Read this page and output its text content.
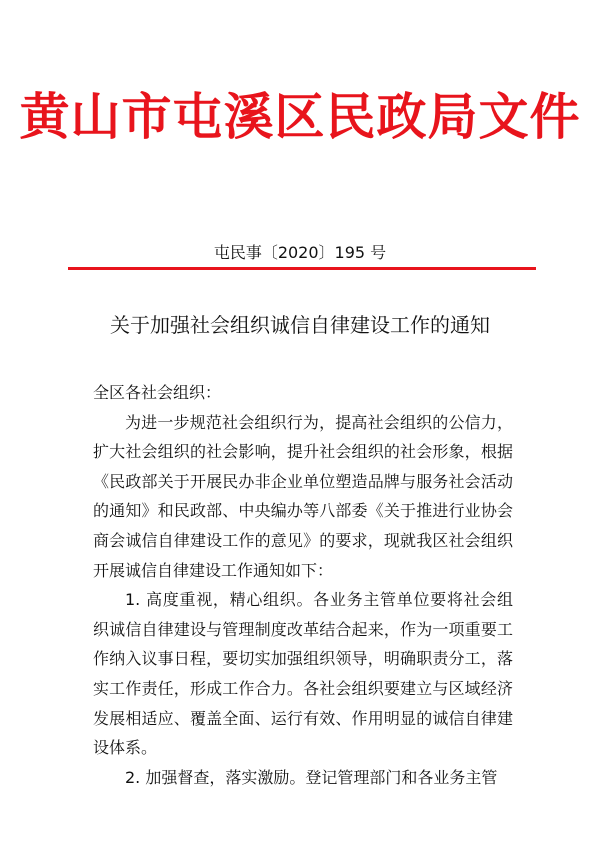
黄山市屯溪区民政局文件
屯民事〔2020〕195 号
关于加强社会组织诚信自律建设工作的通知

全区各社会组织：

为进一步规范社会组织行为，提高社会组织的公信力，扩大社会组织的社会影响，提升社会组织的社会形象，根据《民政部关于开展民办非企业单位塑造品牌与服务社会活动的通知》和民政部、中央编办等八部委《关于推进行业协会商会诚信自律建设工作的意见》的要求，现就我区社会组织开展诚信自律建设工作通知如下：

1. 高度重视，精心组织。各业务主管单位要将社会组织诚信自律建设与管理制度改革结合起来，作为一项重要工作纳入议事日程，要切实加强组织领导，明确职责分工，落实工作责任，形成工作合力。各社会组织要建立与区域经济发展相适应、覆盖全面、运行有效、作用明显的诚信自律建设体系。

2. 加强督查，落实激励。登记管理部门和各业务主管
